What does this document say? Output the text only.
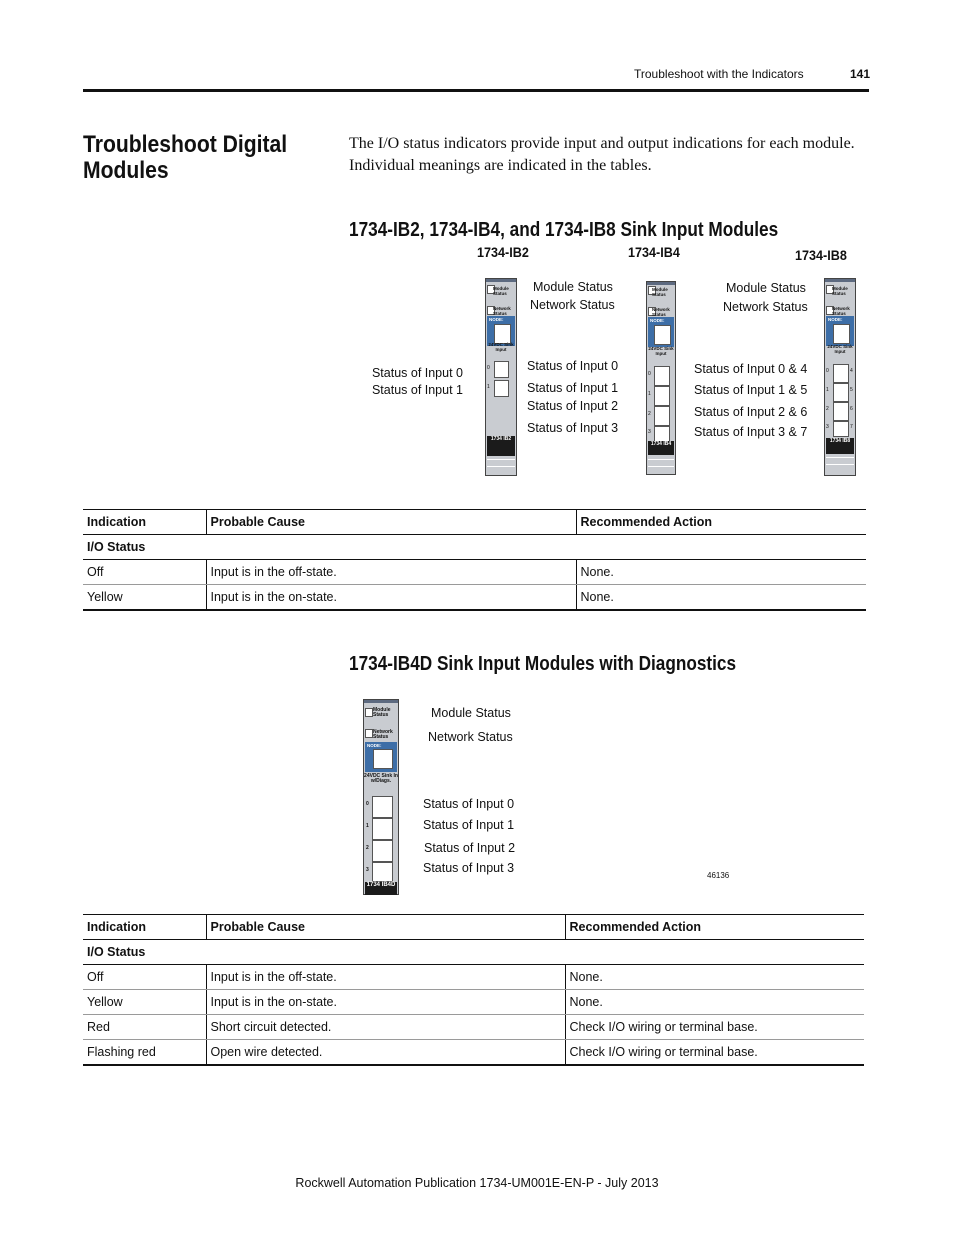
Troubleshoot with the Indicators	141
Troubleshoot Digital Modules
The I/O status indicators provide input and output indications for each module. Individual meanings are indicated in the tables.
1734-IB2, 1734-IB4, and 1734-IB8 Sink Input Modules
1734-IB2	1734-IB4	1734-IB8
Status of Input 0
Status of Input 1
Module Status
Network Status
Status of Input 0
Status of Input 1
Status of Input 2
Status of Input 3
Module Status
Network Status
Status of Input 0 & 4
Status of Input 1 & 5
Status of Input 2 & 6
Status of Input 3 & 7
Module Status
Network Status
NODE:
24VDC Sink Input
0
1
1734 IB2
Module Status
Network Status
NODE:
24VDC Sink Input
0
1
2
3
1734 IB4
Module Status
Network Status
NODE:
24VDC Sink Input
0	4
1	5
2	6
3	7
1734 IB8
Indication	Probable Cause	Recommended Action
I/O Status		
Off	Input is in the off-state.	None.
Yellow	Input is in the on-state.	None.
1734-IB4D Sink Input Modules with Diagnostics
Module Status
Network Status
NODE:
24VDC Sink In w/Diags.
0
1
2
3
1734 IB4D
Module Status
Network Status
Status of Input 0
Status of Input 1
Status of Input 2
Status of Input 3
46136
Indication	Probable Cause	Recommended Action
I/O Status		
Off	Input is in the off-state.	None.
Yellow	Input is in the on-state.	None.
Red	Short circuit detected.	Check I/O wiring or terminal base.
Flashing red	Open wire detected.	Check I/O wiring or terminal base.
Rockwell Automation Publication 1734-UM001E-EN-P - July 2013
